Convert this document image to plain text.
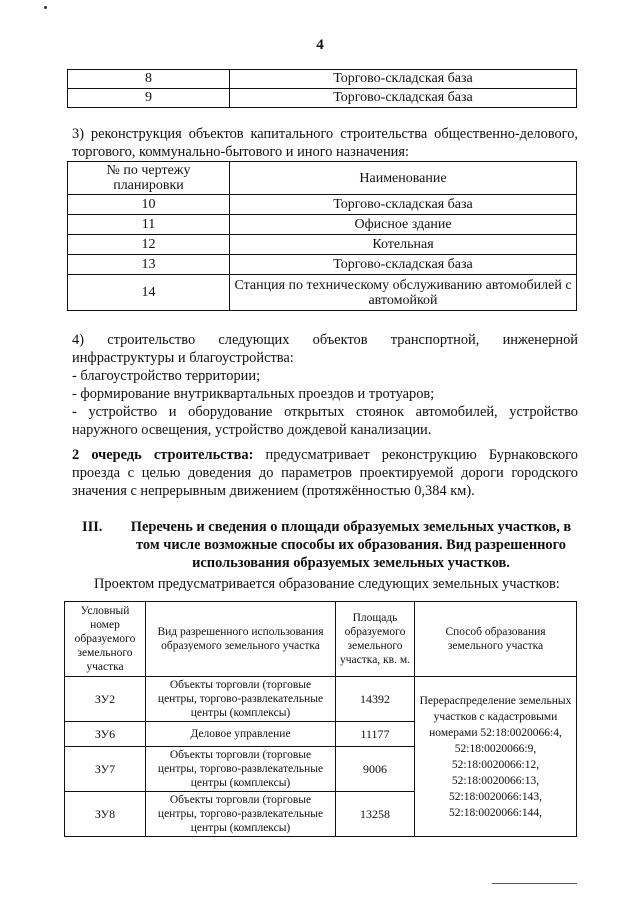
4
8	Торгово-складская база
9	Торгово-складская база
3) реконструкция объектов капитального строительства общественно-делового, торгового, коммунально-бытового и иного назначения:
№ по чертежу планировки	Наименование
10	Торгово-складская база
11	Офисное здание
12	Котельная
13	Торгово-складская база
14	Станция по техническому обслуживанию автомобилей с автомойкой
4) строительство следующих объектов транспортной, инженерной
инфраструктуры и благоустройства:
- благоустройство территории;
- формирование внутриквартальных проездов и тротуаров;
- устройство и оборудование открытых стоянок автомобилей, устройство наружного освещения, устройство дождевой канализации.
2 очередь строительства: предусматривает реконструкцию Бурнаковского проезда с целью доведения до параметров проектируемой дороги городского значения с непрерывным движением (протяжённостью 0,384 км).
III.	Перечень и сведения о площади образуемых земельных участков, в том числе возможные способы их образования. Вид разрешенного использования образуемых земельных участков.
Проектом предусматривается образование следующих земельных участков:
Условный номер образуемого земельного участка	Вид разрешенного использования образуемого земельного участка	Площадь образуемого земельного участка, кв. м.	Способ образования земельного участка
ЗУ2	Объекты торговли (торговые центры, торгово-развлекательные центры (комплексы)	14392	Перераспределение земельных участков с кадастровыми номерами 52:18:0020066:4, 52:18:0020066:9, 52:18:0020066:12, 52:18:0020066:13, 52:18:0020066:143, 52:18:0020066:144,
ЗУ6	Деловое управление	11177	
ЗУ7	Объекты торговли (торговые центры, торгово-развлекательные центры (комплексы)	9006	
ЗУ8	Объекты торговли (торговые центры, торгово-развлекательные центры (комплексы)	13258	
